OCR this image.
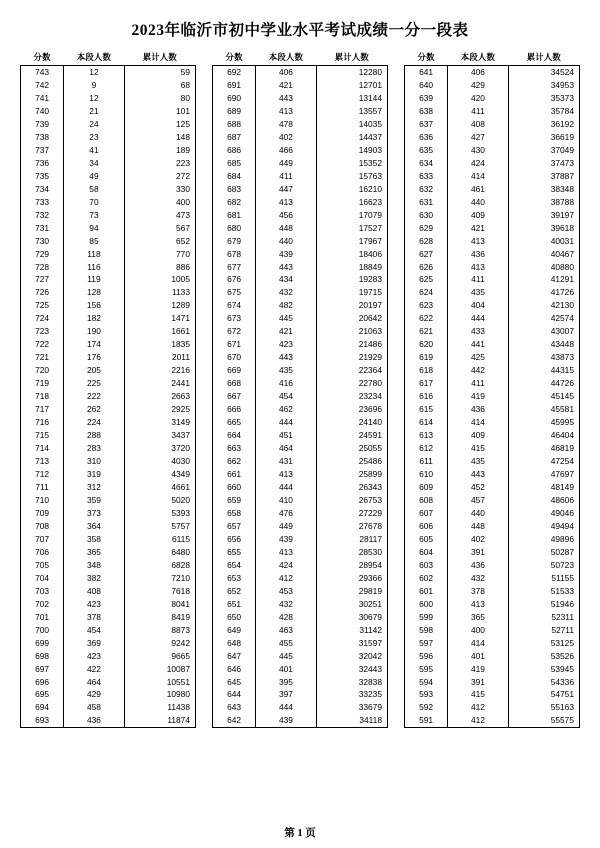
2023年临沂市初中学业水平考试成绩一分一段表
分数	本段人数	累计人数
743	12	59
742	9	68
741	12	80
740	21	101
739	24	125
738	23	148
737	41	189
736	34	223
735	49	272
734	58	330
733	70	400
732	73	473
731	94	567
730	85	652
729	118	770
728	116	886
727	119	1005
726	128	1133
725	156	1289
724	182	1471
723	190	1661
722	174	1835
721	176	2011
720	205	2216
719	225	2441
718	222	2663
717	262	2925
716	224	3149
715	288	3437
714	283	3720
713	310	4030
712	319	4349
711	312	4661
710	359	5020
709	373	5393
708	364	5757
707	358	6115
706	365	6480
705	348	6828
704	382	7210
703	408	7618
702	423	8041
701	378	8419
700	454	8873
699	369	9242
698	423	9665
697	422	10087
696	464	10551
695	429	10980
694	458	11438
693	436	11874
分数	本段人数	累计人数
692	406	12280
691	421	12701
690	443	13144
689	413	13557
688	478	14035
687	402	14437
686	466	14903
685	449	15352
684	411	15763
683	447	16210
682	413	16623
681	456	17079
680	448	17527
679	440	17967
678	439	18406
677	443	18849
676	434	19283
675	432	19715
674	482	20197
673	445	20642
672	421	21063
671	423	21486
670	443	21929
669	435	22364
668	416	22780
667	454	23234
666	462	23696
665	444	24140
664	451	24591
663	464	25055
662	431	25486
661	413	25899
660	444	26343
659	410	26753
658	476	27229
657	449	27678
656	439	28117
655	413	28530
654	424	28954
653	412	29366
652	453	29819
651	432	30251
650	428	30679
649	463	31142
648	455	31597
647	445	32042
646	401	32443
645	395	32838
644	397	33235
643	444	33679
642	439	34118
分数	本段人数	累计人数
641	406	34524
640	429	34953
639	420	35373
638	411	35784
637	408	36192
636	427	36619
635	430	37049
634	424	37473
633	414	37887
632	461	38348
631	440	38788
630	409	39197
629	421	39618
628	413	40031
627	436	40467
626	413	40880
625	411	41291
624	435	41726
623	404	42130
622	444	42574
621	433	43007
620	441	43448
619	425	43873
618	442	44315
617	411	44726
616	419	45145
615	436	45581
614	414	45995
613	409	46404
612	415	46819
611	435	47254
610	443	47697
609	452	48149
608	457	48606
607	440	49046
606	448	49494
605	402	49896
604	391	50287
603	436	50723
602	432	51155
601	378	51533
600	413	51946
599	365	52311
598	400	52711
597	414	53125
596	401	53526
595	419	53945
594	391	54336
593	415	54751
592	412	55163
591	412	55575
第 1 页
